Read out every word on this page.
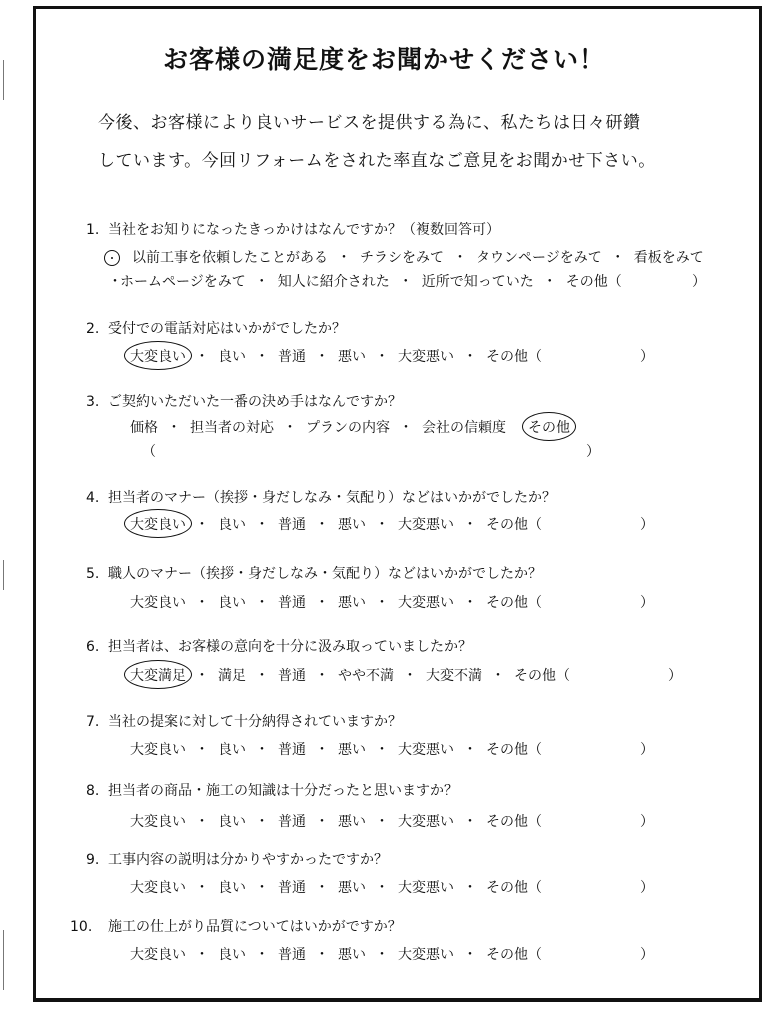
お客様の満足度をお聞かせください！
今後、お客様により良いサービスを提供する為に、私たちは日々研鑽
しています。今回リフォームをされた率直なご意見をお聞かせ下さい。
1. 当社をお知りになったきっかけはなんですか？（複数回答可）
以前工事を依頼したことがある ・ チラシをみて ・ タウンページをみて ・ 看板をみて
・ホームページをみて ・ 知人に紹介された ・ 近所で知っていた ・ その他（	）
2. 受付での電話対応はいかがでしたか？
大変良い ・ 良い ・ 普通 ・ 悪い ・ 大変悪い ・ その他（	）
3. ご契約いただいた一番の決め手はなんですか？
価格 ・ 担当者の対応 ・ プランの内容 ・ 会社の信頼度 その他
（	）
4. 担当者のマナー（挨拶・身だしなみ・気配り）などはいかがでしたか？
大変良い ・ 良い ・ 普通 ・ 悪い ・ 大変悪い ・ その他（	）
5. 職人のマナー（挨拶・身だしなみ・気配り）などはいかがでしたか？
大変良い ・ 良い ・ 普通 ・ 悪い ・ 大変悪い ・ その他（	）
6. 担当者は、お客様の意向を十分に汲み取っていましたか？
大変満足 ・ 満足 ・ 普通 ・ やや不満 ・ 大変不満 ・ その他（	）
7. 当社の提案に対して十分納得されていますか？
大変良い ・ 良い ・ 普通 ・ 悪い ・ 大変悪い ・ その他（	）
8. 担当者の商品・施工の知識は十分だったと思いますか？
大変良い ・ 良い ・ 普通 ・ 悪い ・ 大変悪い ・ その他（	）
9. 工事内容の説明は分かりやすかったですか？
大変良い ・ 良い ・ 普通 ・ 悪い ・ 大変悪い ・ その他（	）
10. 施工の仕上がり品質についてはいかがですか？
大変良い ・ 良い ・ 普通 ・ 悪い ・ 大変悪い ・ その他（	）
